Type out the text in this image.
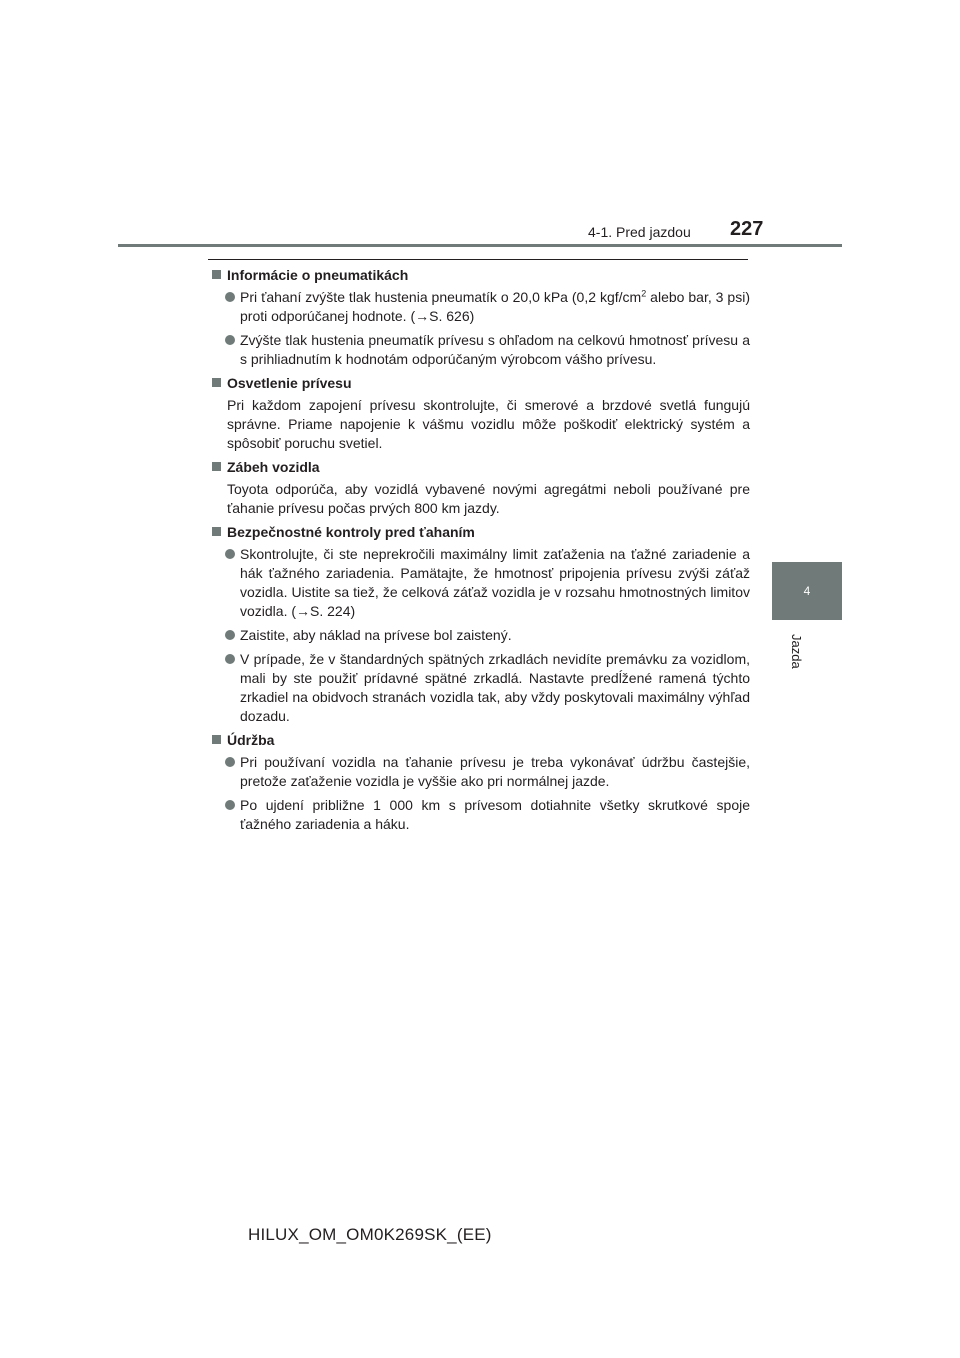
4-1. Pred jazdou	227
4
Jazda
Informácie o pneumatikách
Pri ťahaní zvýšte tlak hustenia pneumatík o 20,0 kPa (0,2 kgf/$cm^2$ alebo bar, 3 psi) proti odporúčanej hodnote. (→S. 626)
Zvýšte tlak hustenia pneumatík prívesu s ohľadom na celkovú hmotnosť prívesu a s prihliadnutím k hodnotám odporúčaným výrobcom vášho prívesu.
Osvetlenie prívesu
Pri každom zapojení prívesu skontrolujte, či smerové a brzdové svetlá fungujú správne. Priame napojenie k vášmu vozidlu môže poškodiť elektrický systém a spôsobiť poruchu svetiel.
Zábeh vozidla
Toyota odporúča, aby vozidlá vybavené novými agregátmi neboli používané pre ťahanie prívesu počas prvých 800 km jazdy.
Bezpečnostné kontroly pred ťahaním
Skontrolujte, či ste neprekročili maximálny limit zaťaženia na ťažné zariadenie a hák ťažného zariadenia. Pamätajte, že hmotnosť pripojenia prívesu zvýši záťaž vozidla. Uistite sa tiež, že celková záťaž vozidla je v rozsahu hmotnostných limitov vozidla. (→S. 224)
Zaistite, aby náklad na prívese bol zaistený.
V prípade, že v štandardných spätných zrkadlách nevidíte premávku za vozidlom, mali by ste použiť prídavné spätné zrkadlá. Nastavte predĺžené ramená týchto zrkadiel na obidvoch stranách vozidla tak, aby vždy poskytovali maximálny výhľad dozadu.
Údržba
Pri používaní vozidla na ťahanie prívesu je treba vykonávať údržbu častejšie, pretože zaťaženie vozidla je vyššie ako pri normálnej jazde.
Po ujdení približne 1 000 km s prívesom dotiahnite všetky skrutkové spoje ťažného zariadenia a háku.
HILUX_OM_OM0K269SK_(EE)
